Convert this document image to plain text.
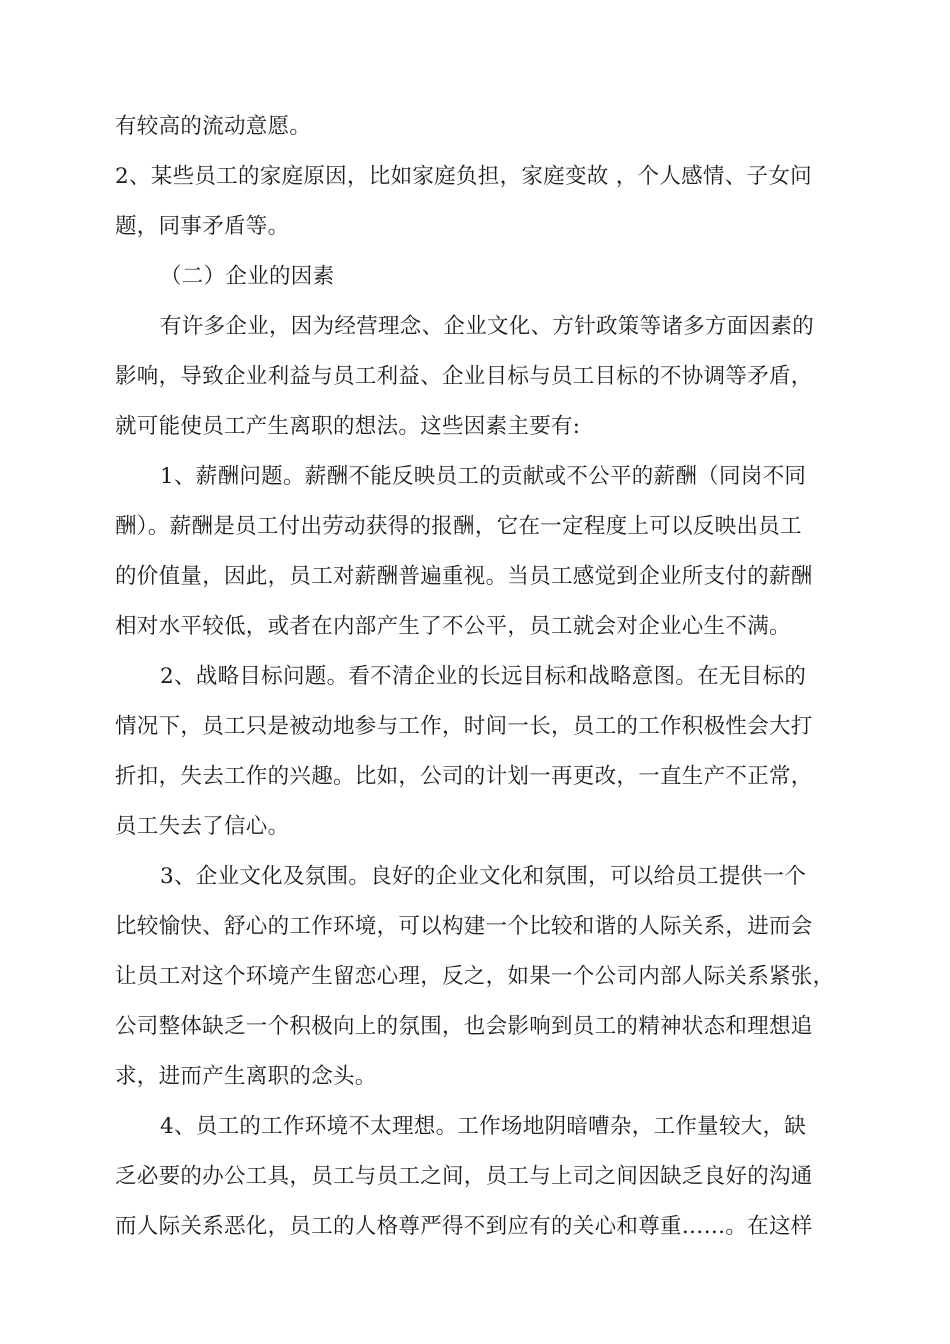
有较高的流动意愿。
2、某些员工的家庭原因，比如家庭负担，家庭变故 ，个人感情、子女问
题，同事矛盾等。
（二）企业的因素
有许多企业，因为经营理念、企业文化、方针政策等诸多方面因素的
影响，导致企业利益与员工利益、企业目标与员工目标的不协调等矛盾，
就可能使员工产生离职的想法。这些因素主要有:
1、薪酬问题。薪酬不能反映员工的贡献或不公平的薪酬（同岗不同
酬）。薪酬是员工付出劳动获得的报酬，它在一定程度上可以反映出员工
的价值量，因此，员工对薪酬普遍重视。当员工感觉到企业所支付的薪酬
相对水平较低，或者在内部产生了不公平，员工就会对企业心生不满。
2、战略目标问题。看不清企业的长远目标和战略意图。在无目标的
情况下，员工只是被动地参与工作，时间一长，员工的工作积极性会大打
折扣，失去工作的兴趣。比如，公司的计划一再更改，一直生产不正常，
员工失去了信心。
3、企业文化及氛围。良好的企业文化和氛围，可以给员工提供一个
比较愉快、舒心的工作环境，可以构建一个比较和谐的人际关系，进而会
让员工对这个环境产生留恋心理，反之，如果一个公司内部人际关系紧张，
公司整体缺乏一个积极向上的氛围，也会影响到员工的精神状态和理想追
求，进而产生离职的念头。
4、员工的工作环境不太理想。工作场地阴暗嘈杂，工作量较大，缺
乏必要的办公工具，员工与员工之间，员工与上司之间因缺乏良好的沟通
而人际关系恶化，员工的人格尊严得不到应有的关心和尊重……。在这样
